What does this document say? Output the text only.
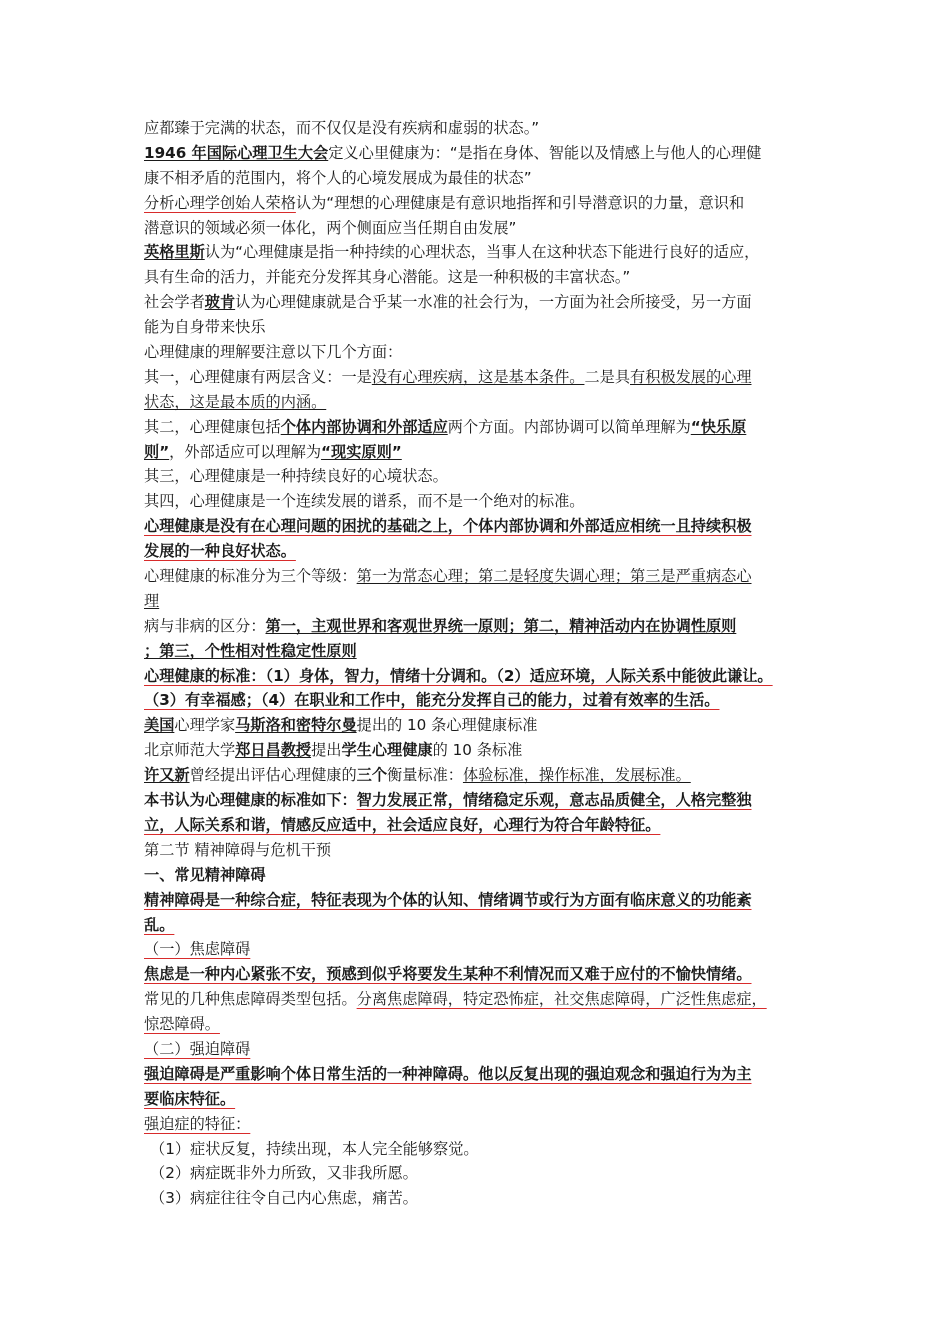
应都臻于完满的状态，而不仅仅是没有疾病和虚弱的状态。”
1946 年国际心理卫生大会定义心里健康为：“是指在身体、智能以及情感上与他人的心理健
康不相矛盾的范围内，将个人的心境发展成为最佳的状态”
分析心理学创始人荣格认为“理想的心理健康是有意识地指挥和引导潜意识的力量，意识和
潜意识的领域必须一体化，两个侧面应当任期自由发展”
英格里斯认为“心理健康是指一种持续的心理状态，当事人在这种状态下能进行良好的适应，
具有生命的活力，并能充分发挥其身心潜能。这是一种积极的丰富状态。”
社会学者玻肯认为心理健康就是合乎某一水准的社会行为，一方面为社会所接受，另一方面
能为自身带来快乐
心理健康的理解要注意以下几个方面：
其一，心理健康有两层含义：一是没有心理疾病，这是基本条件。二是具有积极发展的心理
状态，这是最本质的内涵。
其二，心理健康包括个体内部协调和外部适应两个方面。内部协调可以简单理解为“快乐原
则”，外部适应可以理解为“现实原则”
其三，心理健康是一种持续良好的心境状态。
其四，心理健康是一个连续发展的谱系，而不是一个绝对的标准。
心理健康是没有在心理问题的困扰的基础之上，个体内部协调和外部适应相统一且持续积极
发展的一种良好状态。
心理健康的标准分为三个等级：第一为常态心理；第二是轻度失调心理；第三是严重病态心
理
病与非病的区分：第一，主观世界和客观世界统一原则；第二，精神活动内在协调性原则
；第三，个性相对性稳定性原则
心理健康的标准：（1）身体，智力，情绪十分调和。（2）适应环境，人际关系中能彼此谦让。
（3）有幸福感；（4）在职业和工作中，能充分发挥自己的能力，过着有效率的生活。
美国心理学家马斯洛和密特尔曼提出的 10 条心理健康标准
北京师范大学郑日昌教授提出学生心理健康的 10 条标准
许又新曾经提出评估心理健康的三个衡量标准：体验标准，操作标准，发展标准。
本书认为心理健康的标准如下：智力发展正常，情绪稳定乐观，意志品质健全，人格完整独
立，人际关系和谐，情感反应适中，社会适应良好，心理行为符合年龄特征。
第二节 精神障碍与危机干预
一、常见精神障碍
精神障碍是一种综合症，特征表现为个体的认知、情绪调节或行为方面有临床意义的功能紊
乱。
（一）焦虑障碍
焦虑是一种内心紧张不安，预感到似乎将要发生某种不利情况而又难于应付的不愉快情绪。
常见的几种焦虑障碍类型包括。分离焦虑障碍，特定恐怖症，社交焦虑障碍，广泛性焦虑症，
惊恐障碍。
（二）强迫障碍
强迫障碍是严重影响个体日常生活的一种神障碍。他以反复出现的强迫观念和强迫行为为主
要临床特征。
强迫症的特征：
（1）症状反复，持续出现，本人完全能够察觉。
（2）病症既非外力所致，又非我所愿。
（3）病症往往令自己内心焦虑，痛苦。
